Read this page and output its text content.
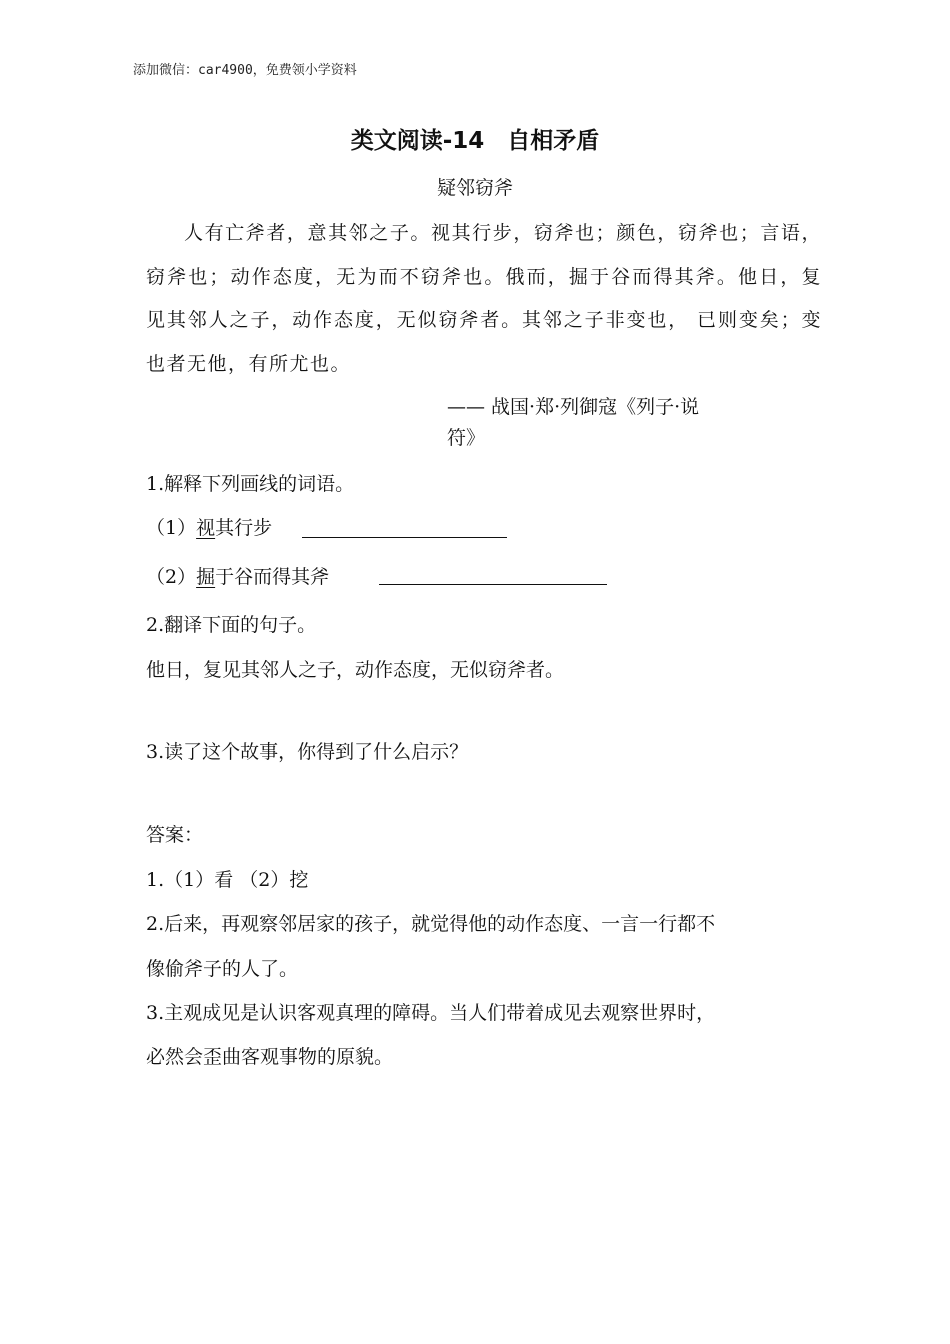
添加微信：car4900，免费领小学资料
类文阅读-14　自相矛盾
疑邻窃斧
人有亡斧者，意其邻之子。视其行步，窃斧也；颜色，窃斧也；言语，窃斧也；动作态度，无为而不窃斧也。俄而，掘于谷而得其斧。他日，复见其邻人之子，动作态度，无似窃斧者。其邻之子非变也， 已则变矣；变也者无他，有所尤也。
—— 战国·郑·列御寇《列子·说
符》
1.解释下列画线的词语。
（1）视其行步
（2）掘于谷而得其斧
2.翻译下面的句子。
他日，复见其邻人之子，动作态度，无似窃斧者。
3.读了这个故事，你得到了什么启示？
答案：
1.（1）看 （2）挖
2.后来，再观察邻居家的孩子，就觉得他的动作态度、一言一行都不
像偷斧子的人了。
3.主观成见是认识客观真理的障碍。当人们带着成见去观察世界时，
必然会歪曲客观事物的原貌。
